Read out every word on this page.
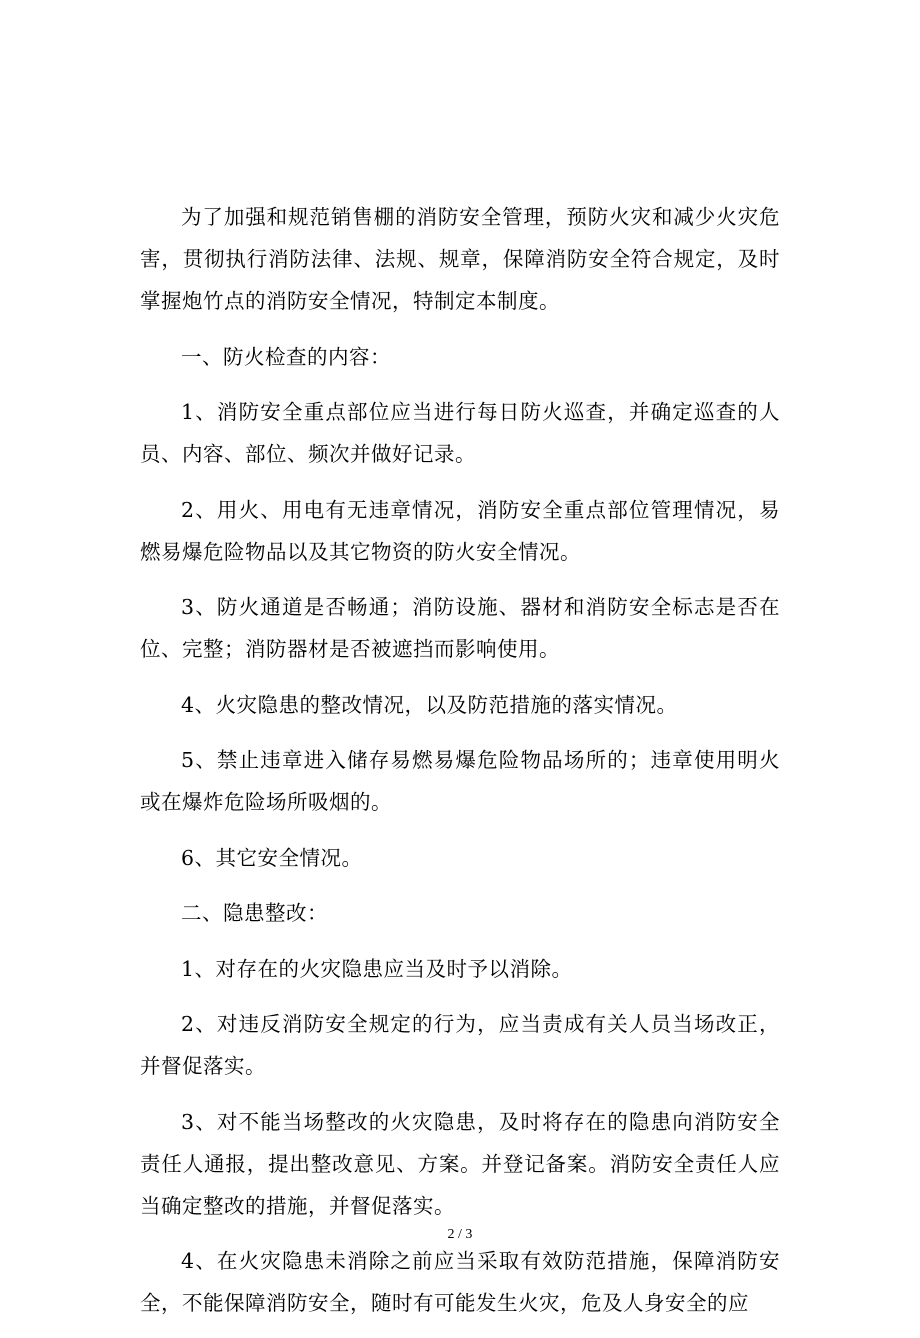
为了加强和规范销售棚的消防安全管理，预防火灾和减少火灾危害，贯彻执行消防法律、法规、规章，保障消防安全符合规定，及时掌握炮竹点的消防安全情况，特制定本制度。

一、防火检查的内容：

1、消防安全重点部位应当进行每日防火巡查，并确定巡查的人员、内容、部位、频次并做好记录。

2、用火、用电有无违章情况，消防安全重点部位管理情况，易燃易爆危险物品以及其它物资的防火安全情况。

3、防火通道是否畅通；消防设施、器材和消防安全标志是否在位、完整；消防器材是否被遮挡而影响使用。

4、火灾隐患的整改情况，以及防范措施的落实情况。

5、禁止违章进入储存易燃易爆危险物品场所的；违章使用明火或在爆炸危险场所吸烟的。

6、其它安全情况。

二、隐患整改：

1、对存在的火灾隐患应当及时予以消除。

2、对违反消防安全规定的行为，应当责成有关人员当场改正，并督促落实。

3、对不能当场整改的火灾隐患，及时将存在的隐患向消防安全责任人通报，提出整改意见、方案。并登记备案。消防安全责任人应当确定整改的措施，并督促落实。

4、在火灾隐患未消除之前应当采取有效防范措施，保障消防安全，不能保障消防安全，随时有可能发生火灾，危及人身安全的应

2 / 3
